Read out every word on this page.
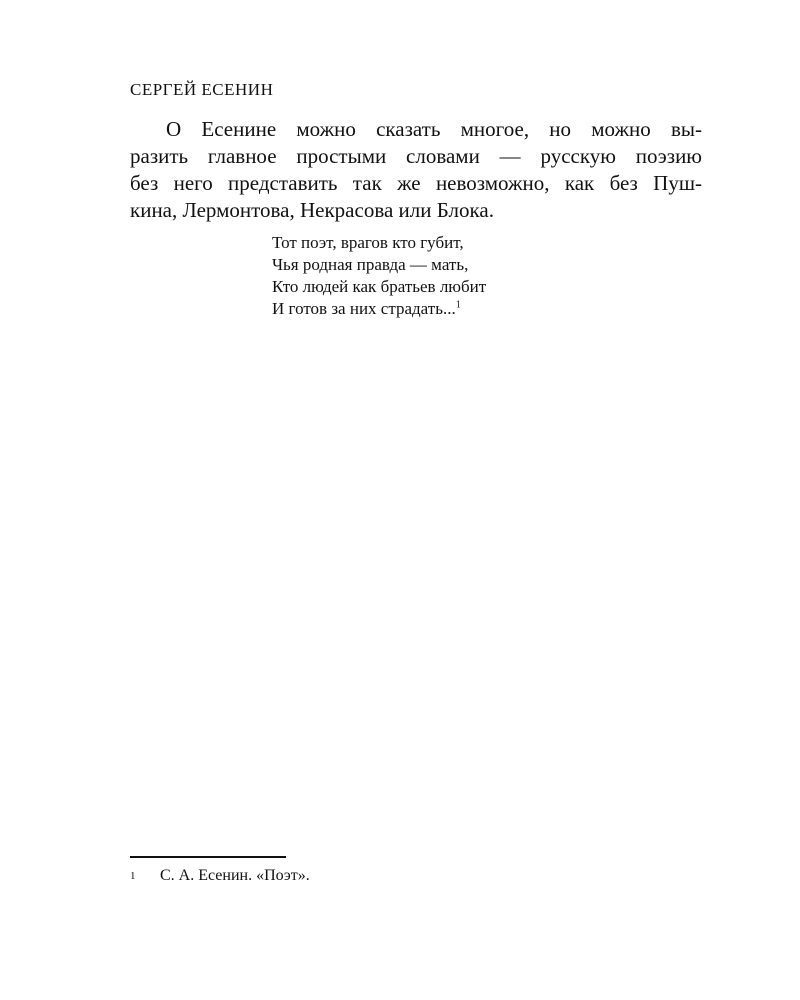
СЕРГЕЙ ЕСЕНИН
О Есенине можно сказать многое, но можно вы-
разить главное простыми словами — русскую поэзию
без него представить так же невозможно, как без Пуш-
кина, Лермонтова, Некрасова или Блока.
Тот поэт, врагов кто губит,
Чья родная правда — мать,
Кто людей как братьев любит
И готов за них страдать...$^1$
1 С. А. Есенин. «Поэт».
